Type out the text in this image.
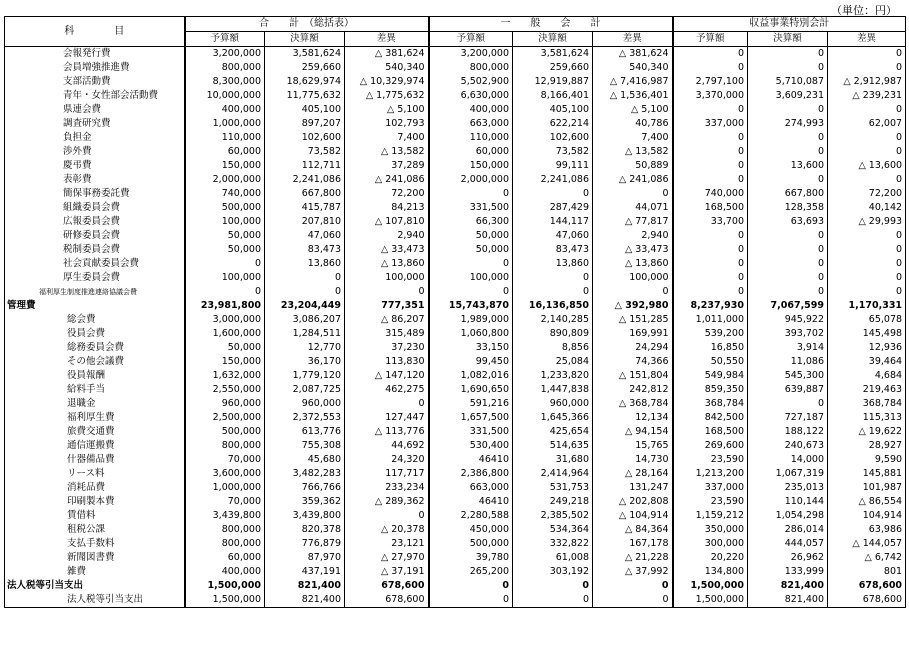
（単位：円）
科　　　　目	合　　計　（総括表）			一　　般　　会　　計			収益事業特別会計		
	予算額	決算額	差異	予算額	決算額	差異	予算額	決算額	差異
会報発行費	3,200,000	3,581,624	△ 381,624	3,200,000	3,581,624	△ 381,624	0	0	0
会員増強推進費	800,000	259,660	540,340	800,000	259,660	540,340	0	0	0
支部活動費	8,300,000	18,629,974	△ 10,329,974	5,502,900	12,919,887	△ 7,416,987	2,797,100	5,710,087	△ 2,912,987
青年・女性部会活動費	10,000,000	11,775,632	△ 1,775,632	6,630,000	8,166,401	△ 1,536,401	3,370,000	3,609,231	△ 239,231
県連会費	400,000	405,100	△ 5,100	400,000	405,100	△ 5,100	0	0	0
調査研究費	1,000,000	897,207	102,793	663,000	622,214	40,786	337,000	274,993	62,007
負担金	110,000	102,600	7,400	110,000	102,600	7,400	0	0	0
渉外費	60,000	73,582	△ 13,582	60,000	73,582	△ 13,582	0	0	0
慶弔費	150,000	112,711	37,289	150,000	99,111	50,889	0	13,600	△ 13,600
表彰費	2,000,000	2,241,086	△ 241,086	2,000,000	2,241,086	△ 241,086	0	0	0
簡保事務委託費	740,000	667,800	72,200	0	0	0	740,000	667,800	72,200
組織委員会費	500,000	415,787	84,213	331,500	287,429	44,071	168,500	128,358	40,142
広報委員会費	100,000	207,810	△ 107,810	66,300	144,117	△ 77,817	33,700	63,693	△ 29,993
研修委員会費	50,000	47,060	2,940	50,000	47,060	2,940	0	0	0
税制委員会費	50,000	83,473	△ 33,473	50,000	83,473	△ 33,473	0	0	0
社会貢献委員会費	0	13,860	△ 13,860	0	13,860	△ 13,860	0	0	0
厚生委員会費	100,000	0	100,000	100,000	0	100,000	0	0	0
福利厚生制度推進連絡協議会費	0	0	0	0	0	0	0	0	0
管理費	23,981,800	23,204,449	777,351	15,743,870	16,136,850	△ 392,980	8,237,930	7,067,599	1,170,331
総会費	3,000,000	3,086,207	△ 86,207	1,989,000	2,140,285	△ 151,285	1,011,000	945,922	65,078
役員会費	1,600,000	1,284,511	315,489	1,060,800	890,809	169,991	539,200	393,702	145,498
総務委員会費	50,000	12,770	37,230	33,150	8,856	24,294	16,850	3,914	12,936
その他会議費	150,000	36,170	113,830	99,450	25,084	74,366	50,550	11,086	39,464
役員報酬	1,632,000	1,779,120	△ 147,120	1,082,016	1,233,820	△ 151,804	549,984	545,300	4,684
給料手当	2,550,000	2,087,725	462,275	1,690,650	1,447,838	242,812	859,350	639,887	219,463
退職金	960,000	960,000	0	591,216	960,000	△ 368,784	368,784	0	368,784
福利厚生費	2,500,000	2,372,553	127,447	1,657,500	1,645,366	12,134	842,500	727,187	115,313
旅費交通費	500,000	613,776	△ 113,776	331,500	425,654	△ 94,154	168,500	188,122	△ 19,622
通信運搬費	800,000	755,308	44,692	530,400	514,635	15,765	269,600	240,673	28,927
什器備品費	70,000	45,680	24,320	46410	31,680	14,730	23,590	14,000	9,590
リース料	3,600,000	3,482,283	117,717	2,386,800	2,414,964	△ 28,164	1,213,200	1,067,319	145,881
消耗品費	1,000,000	766,766	233,234	663,000	531,753	131,247	337,000	235,013	101,987
印刷製本費	70,000	359,362	△ 289,362	46410	249,218	△ 202,808	23,590	110,144	△ 86,554
賃借料	3,439,800	3,439,800	0	2,280,588	2,385,502	△ 104,914	1,159,212	1,054,298	104,914
租税公課	800,000	820,378	△ 20,378	450,000	534,364	△ 84,364	350,000	286,014	63,986
支払手数料	800,000	776,879	23,121	500,000	332,822	167,178	300,000	444,057	△ 144,057
新聞図書費	60,000	87,970	△ 27,970	39,780	61,008	△ 21,228	20,220	26,962	△ 6,742
雑費	400,000	437,191	△ 37,191	265,200	303,192	△ 37,992	134,800	133,999	801
法人税等引当支出	1,500,000	821,400	678,600	0	0	0	1,500,000	821,400	678,600
法人税等引当支出	1,500,000	821,400	678,600	0	0	0	1,500,000	821,400	678,600
